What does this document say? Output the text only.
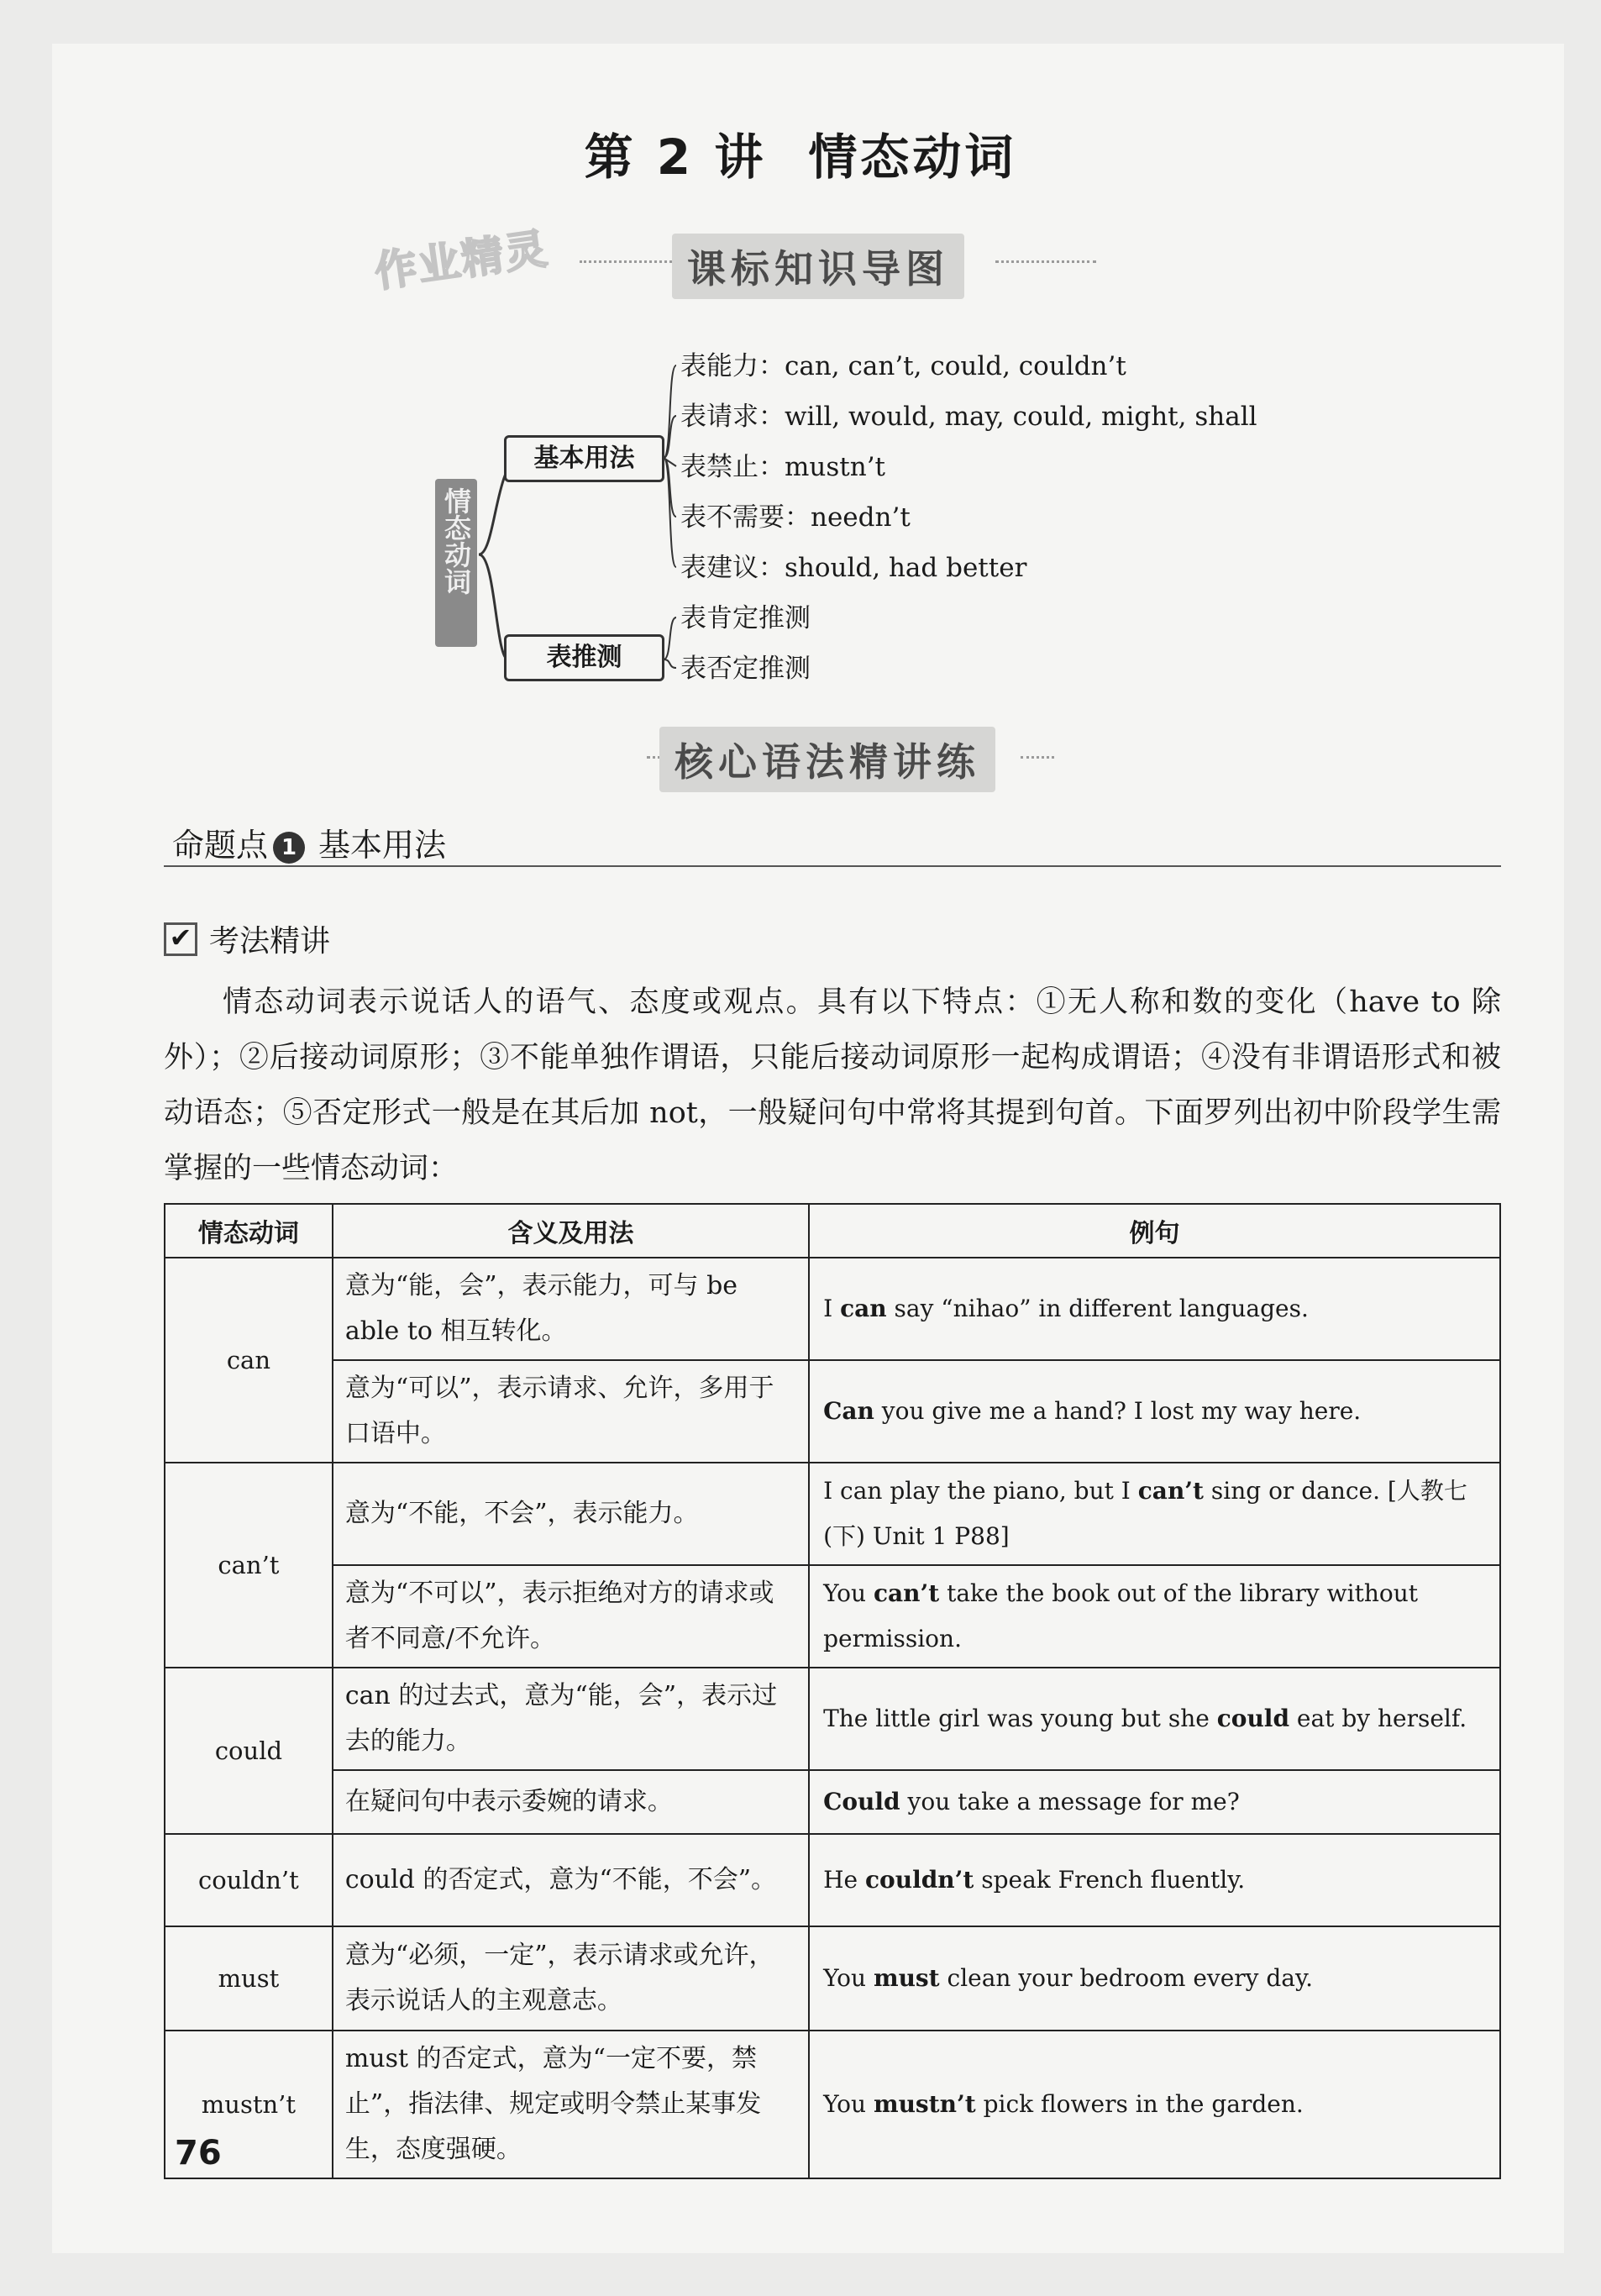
第 2 讲 情态动词
作业精灵	课标知识导图
情态动词
基本用法
表推测
表能力：can, can’t, could, couldn’t
表请求：will, would, may, could, might, shall
表禁止：mustn’t
表不需要：needn’t
表建议：should, had better
表肯定推测
表否定推测
核心语法精讲练
命题点 1 基本用法
✔ 考法精讲
情态动词表示说话人的语气、态度或观点。具有以下特点：①无人称和数的变化（have to 除外）；②后接动词原形；③不能单独作谓语，只能后接动词原形一起构成谓语；④没有非谓语形式和被动语态；⑤否定形式一般是在其后加 not，一般疑问句中常将其提到句首。下面罗列出初中阶段学生需掌握的一些情态动词：
情态动词	含义及用法	例句
can	意为“能，会”，表示能力，可与 be able to 相互转化。	I can say “nihao” in different languages.
	意为“可以”，表示请求、允许，多用于口语中。	Can you give me a hand? I lost my way here.
can’t	意为“不能，不会”，表示能力。	I can play the piano, but I can’t sing or dance. [人教七(下) Unit 1 P88]
	意为“不可以”，表示拒绝对方的请求或者不同意/不允许。	You can’t take the book out of the library without permission.
could	can 的过去式，意为“能，会”，表示过去的能力。	The little girl was young but she could eat by herself.
	在疑问句中表示委婉的请求。	Could you take a message for me?
couldn’t	could 的否定式，意为“不能，不会”。	He couldn’t speak French fluently.
must	意为“必须，一定”，表示请求或允许，表示说话人的主观意志。	You must clean your bedroom every day.
mustn’t	must 的否定式，意为“一定不要，禁止”，指法律、规定或明令禁止某事发生，态度强硬。	You mustn’t pick flowers in the garden.
76
